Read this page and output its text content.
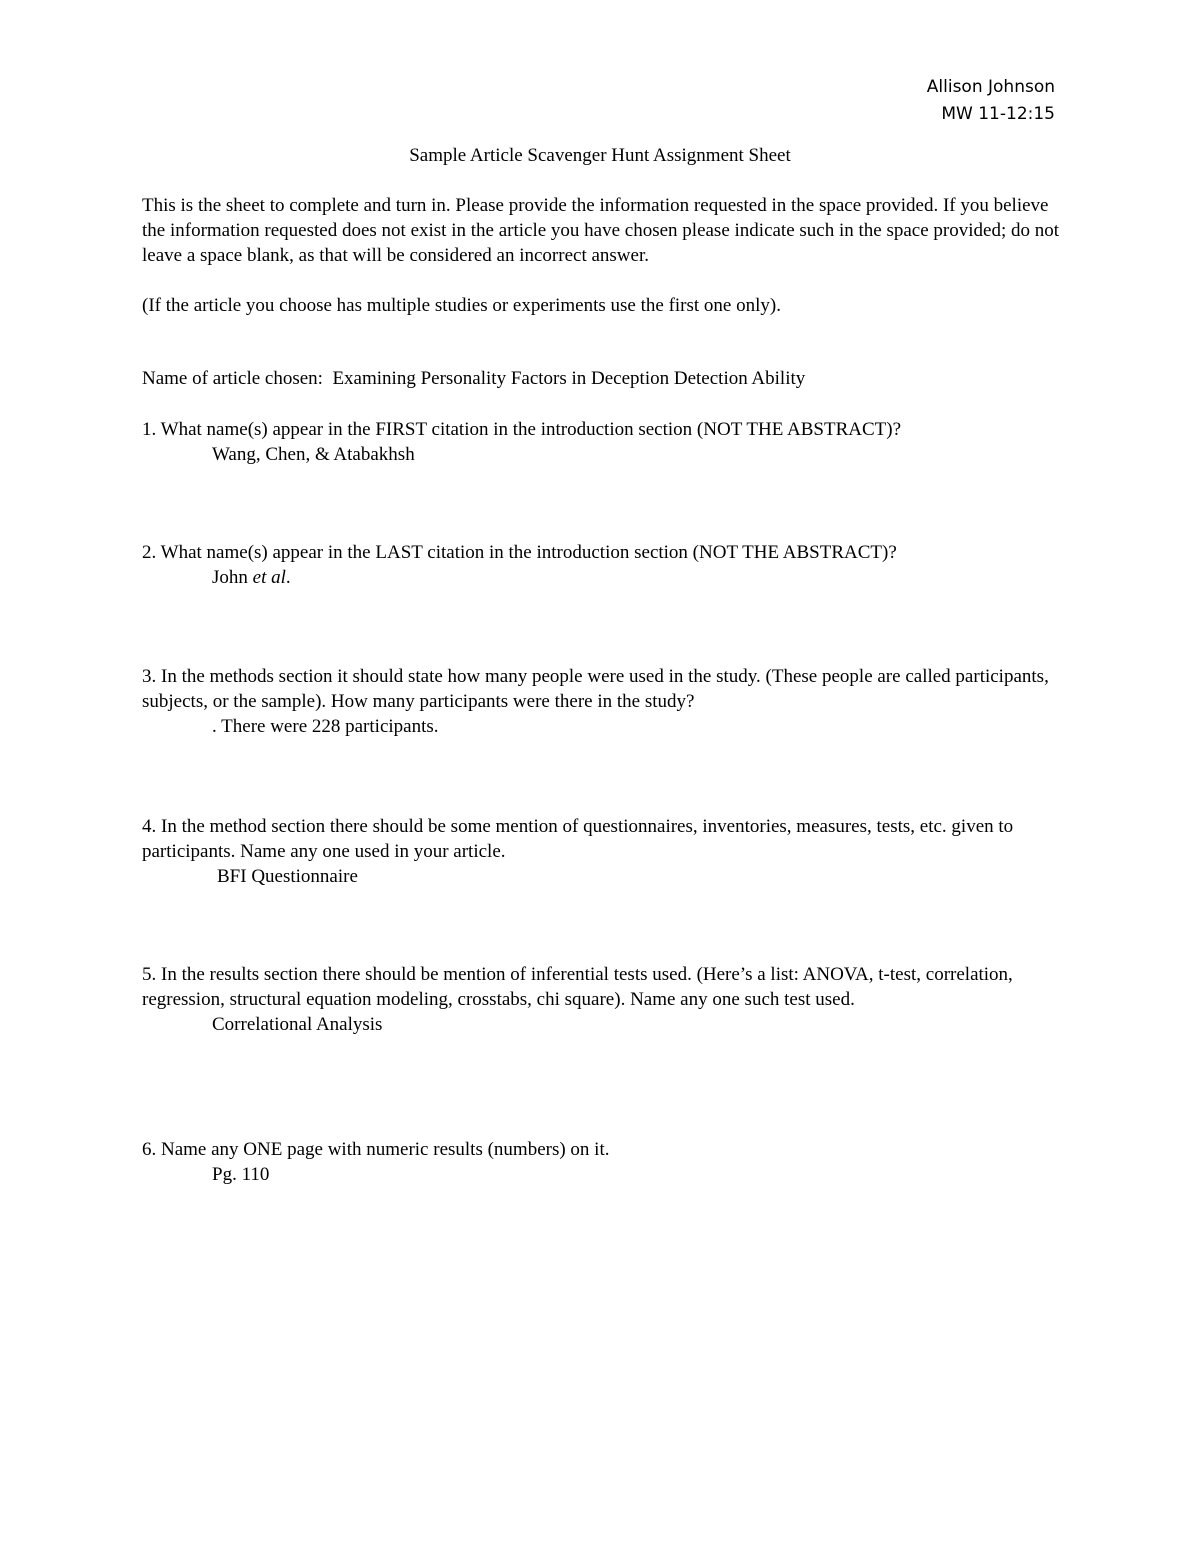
Allison Johnson
MW 11-12:15
Sample Article Scavenger Hunt Assignment Sheet
This is the sheet to complete and turn in. Please provide the information requested in the space provided. If you believe the information requested does not exist in the article you have chosen please indicate such in the space provided; do not leave a space blank, as that will be considered an incorrect answer.
(If the article you choose has multiple studies or experiments use the first one only).
Name of article chosen: Examining Personality Factors in Deception Detection Ability
1. What name(s) appear in the FIRST citation in the introduction section (NOT THE ABSTRACT)?
Wang, Chen, & Atabakhsh
2. What name(s) appear in the LAST citation in the introduction section (NOT THE ABSTRACT)?
John et al.
3. In the methods section it should state how many people were used in the study. (These people are called participants, subjects, or the sample). How many participants were there in the study?
. There were 228 participants.
4. In the method section there should be some mention of questionnaires, inventories, measures, tests, etc. given to participants. Name any one used in your article.
BFI Questionnaire
5. In the results section there should be mention of inferential tests used. (Here’s a list: ANOVA, t-test, correlation, regression, structural equation modeling, crosstabs, chi square). Name any one such test used.
Correlational Analysis
6. Name any ONE page with numeric results (numbers) on it.
Pg. 110
